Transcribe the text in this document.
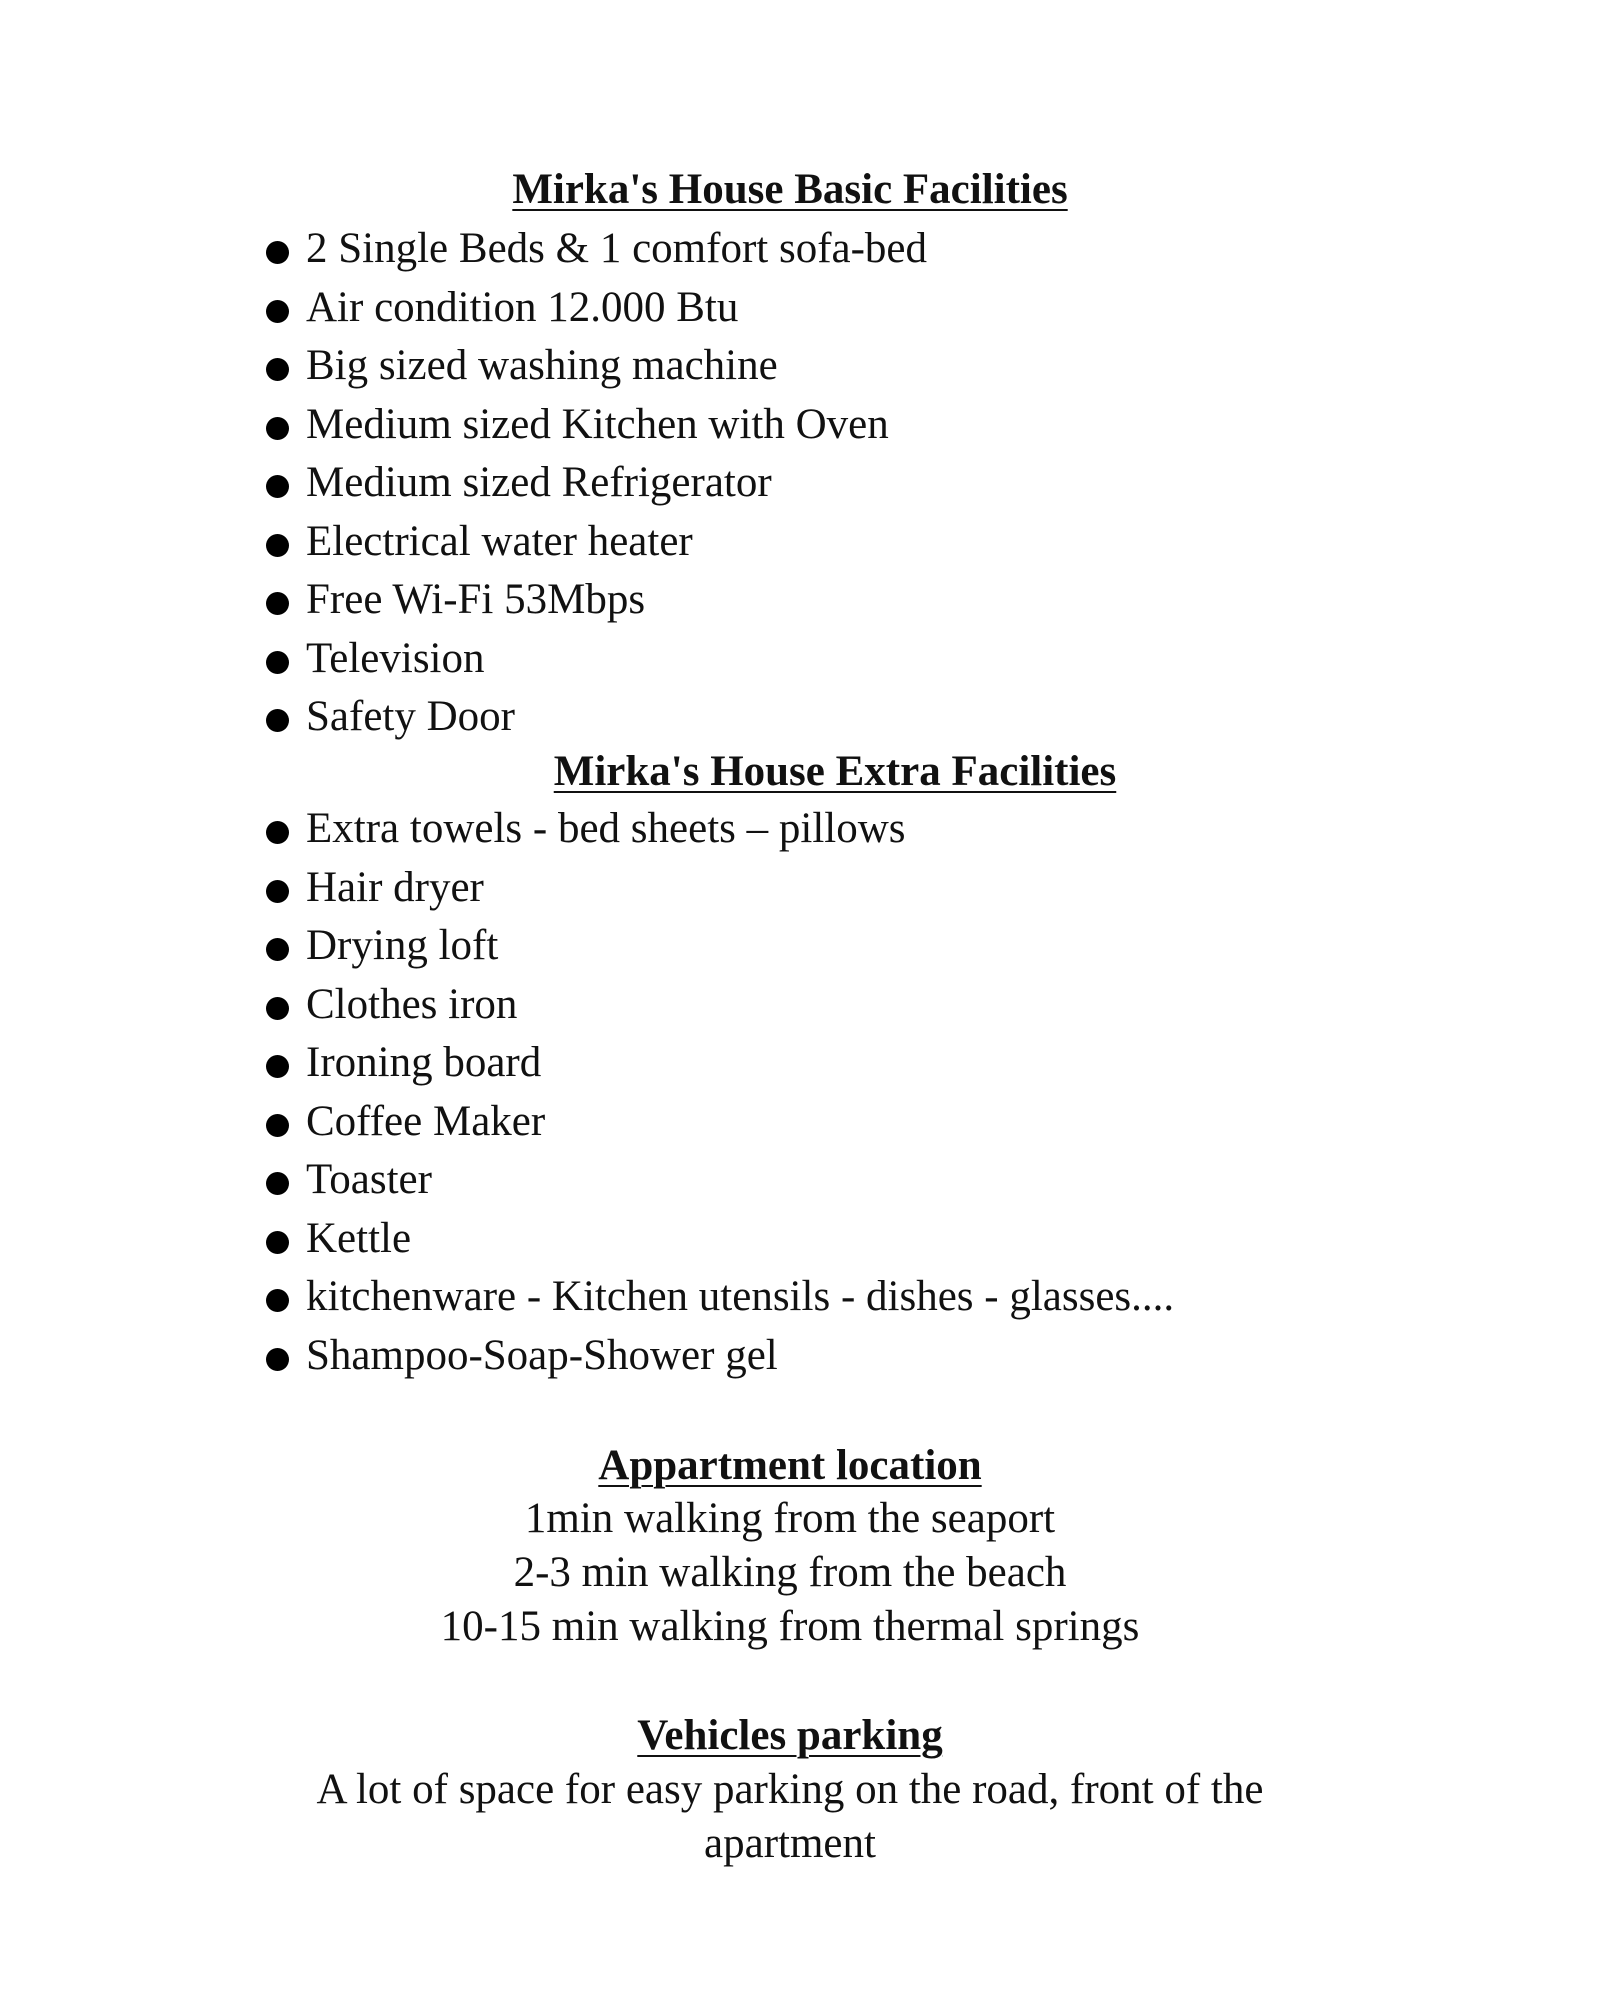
Mirka's House Basic Facilities
2 Single Beds & 1 comfort sofa-bed
Air condition 12.000 Btu
Big sized washing machine
Medium sized Kitchen with Oven
Medium sized Refrigerator
Electrical water heater
Free Wi-Fi 53Mbps
Television
Safety Door
Mirka's House Extra Facilities
Extra towels - bed sheets – pillows
Hair dryer
Drying loft
Clothes iron
Ironing board
Coffee Maker
Toaster
Kettle
kitchenware - Kitchen utensils - dishes - glasses....
Shampoo-Soap-Shower gel
Appartment location
1min walking from the seaport
2-3 min walking from the beach
10-15 min walking from thermal springs
Vehicles parking
A lot of space for easy parking on the road, front of the apartment
